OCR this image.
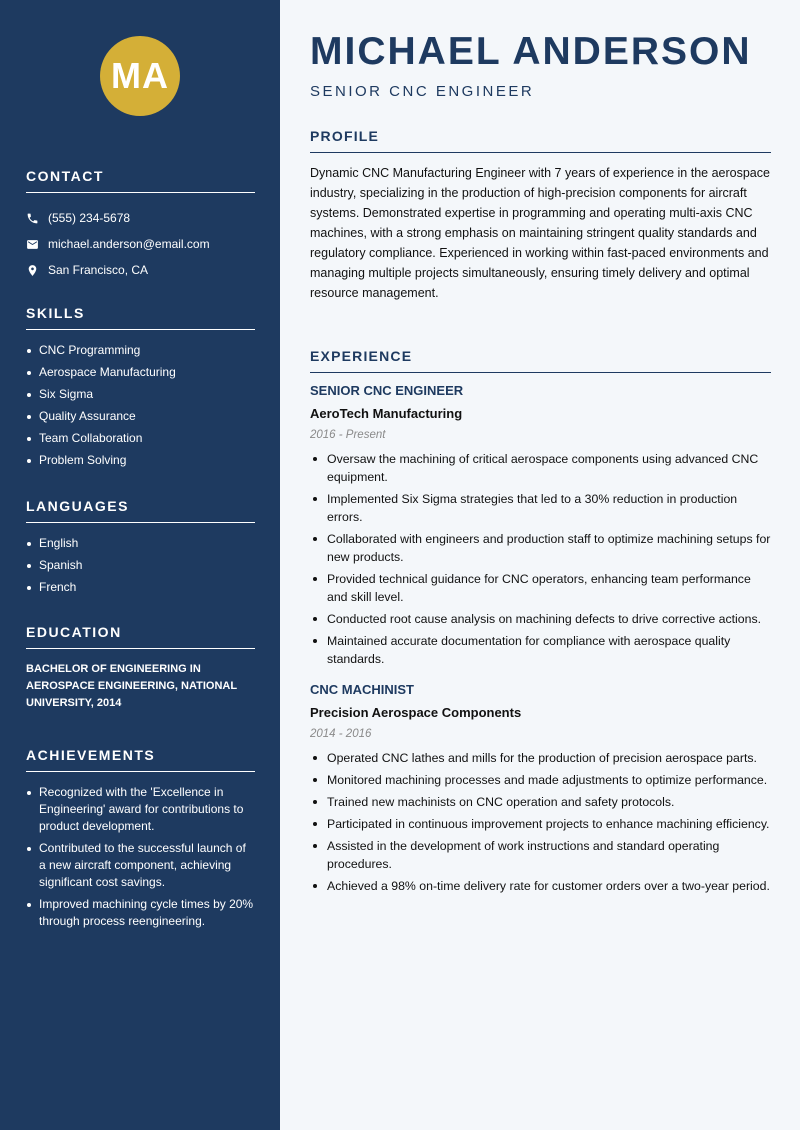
MA
CONTACT
(555) 234-5678
michael.anderson@email.com
San Francisco, CA
SKILLS
CNC Programming
Aerospace Manufacturing
Six Sigma
Quality Assurance
Team Collaboration
Problem Solving
LANGUAGES
English
Spanish
French
EDUCATION
BACHELOR OF ENGINEERING IN AEROSPACE ENGINEERING, NATIONAL UNIVERSITY, 2014
ACHIEVEMENTS
Recognized with the 'Excellence in Engineering' award for contributions to product development.
Contributed to the successful launch of a new aircraft component, achieving significant cost savings.
Improved machining cycle times by 20% through process reengineering.
MICHAEL ANDERSON
SENIOR CNC ENGINEER
PROFILE

Dynamic CNC Manufacturing Engineer with 7 years of experience in the aerospace industry, specializing in the production of high-precision components for aircraft systems. Demonstrated expertise in programming and operating multi-axis CNC machines, with a strong emphasis on maintaining stringent quality standards and regulatory compliance. Experienced in working within fast-paced environments and managing multiple projects simultaneously, ensuring timely delivery and optimal resource management.

EXPERIENCE
SENIOR CNC ENGINEER
AeroTech Manufacturing
2016 - Present
Oversaw the machining of critical aerospace components using advanced CNC equipment.
Implemented Six Sigma strategies that led to a 30% reduction in production errors.
Collaborated with engineers and production staff to optimize machining setups for new products.
Provided technical guidance for CNC operators, enhancing team performance and skill level.
Conducted root cause analysis on machining defects to drive corrective actions.
Maintained accurate documentation for compliance with aerospace quality standards.
CNC MACHINIST
Precision Aerospace Components
2014 - 2016
Operated CNC lathes and mills for the production of precision aerospace parts.
Monitored machining processes and made adjustments to optimize performance.
Trained new machinists on CNC operation and safety protocols.
Participated in continuous improvement projects to enhance machining efficiency.
Assisted in the development of work instructions and standard operating procedures.
Achieved a 98% on-time delivery rate for customer orders over a two-year period.
